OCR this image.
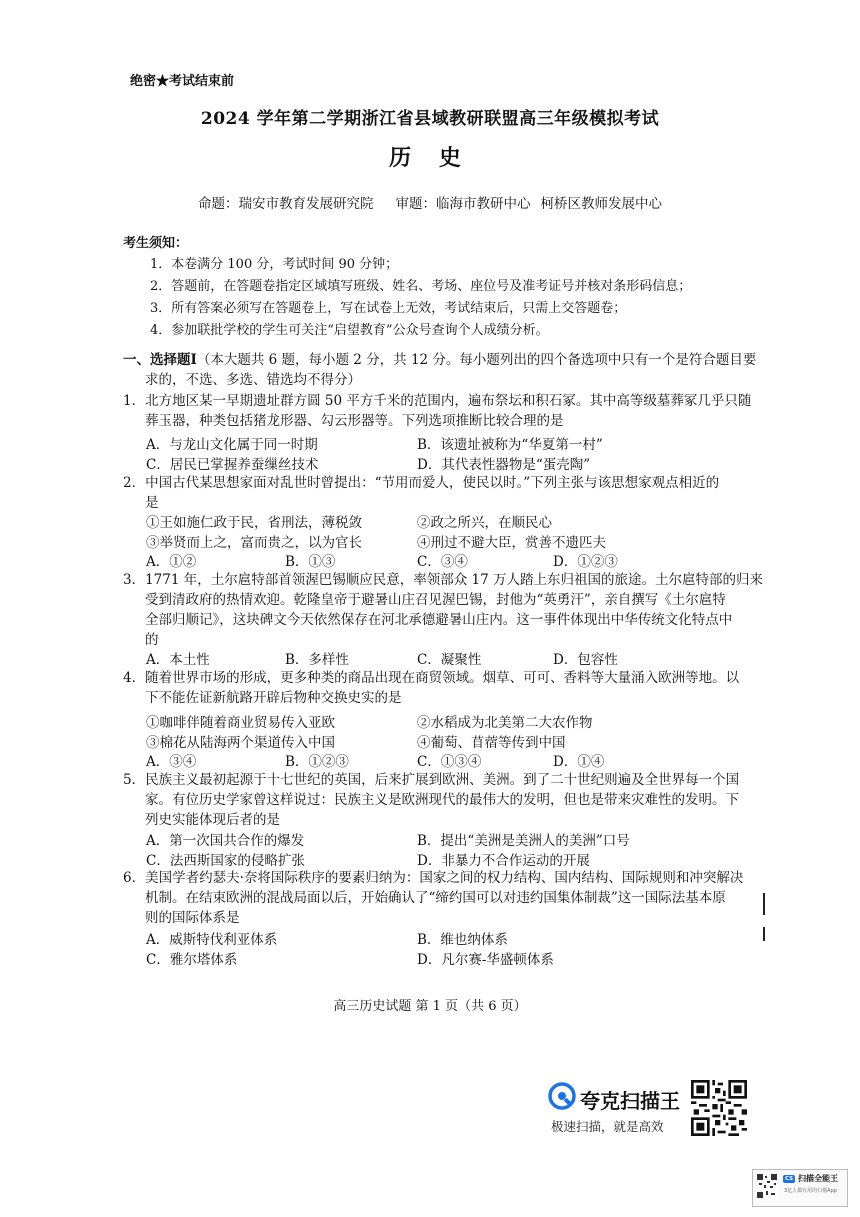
绝密★考试结束前
2024 学年第二学期浙江省县域教研联盟高三年级模拟考试
历 史
命题：瑞安市教育发展研究院 审题：临海市教研中心 柯桥区教师发展中心
考生须知：
1．本卷满分 100 分，考试时间 90 分钟；
2．答题前，在答题卷指定区域填写班级、姓名、考场、座位号及准考证号并核对条形码信息；
3．所有答案必须写在答题卷上，写在试卷上无效，考试结束后，只需上交答题卷；
4．参加联批学校的学生可关注“启望教育”公众号查询个人成绩分析。
一、选择题Ⅰ（本大题共 6 题，每小题 2 分，共 12 分。每小题列出的四个备选项中只有一个是符合题目要
求的，不选、多选、错选均不得分）
1．北方地区某一早期遗址群方圆 50 平方千米的范围内，遍布祭坛和积石冢。其中高等级墓葬冢几乎只随
葬玉器，种类包括猪龙形器、勾云形器等。下列选项推断比较合理的是
A．与龙山文化属于同一时期	B．该遗址被称为“华夏第一村”
C．居民已掌握养蚕缫丝技术	D．其代表性器物是“蛋壳陶”
2．中国古代某思想家面对乱世时曾提出：“节用而爱人，使民以时。”下列主张与该思想家观点相近的
是
①王如施仁政于民，省刑法，薄税敛	②政之所兴，在顺民心
③举贤而上之，富而贵之，以为官长	④刑过不避大臣，赏善不遗匹夫
A．①②	B．①③	C．③④	D．①②③
3．1771 年，土尔扈特部首领渥巴锡顺应民意，率领部众 17 万人踏上东归祖国的旅途。土尔扈特部的归来
受到清政府的热情欢迎。乾隆皇帝于避暑山庄召见渥巴锡，封他为“英勇汗”，亲自撰写《土尔扈特
全部归顺记》，这块碑文今天依然保存在河北承德避暑山庄内。这一事件体现出中华传统文化特点中
的
A．本土性	B．多样性	C．凝聚性	D．包容性
4．随着世界市场的形成，更多种类的商品出现在商贸领域。烟草、可可、香料等大量涌入欧洲等地。以
下不能佐证新航路开辟后物种交换史实的是
①咖啡伴随着商业贸易传入亚欧	②水稻成为北美第二大农作物
③棉花从陆海两个渠道传入中国	④葡萄、苜蓿等传到中国
A．③④	B．①②③	C．①③④	D．①④
5．民族主义最初起源于十七世纪的英国，后来扩展到欧洲、美洲。到了二十世纪则遍及全世界每一个国
家。有位历史学家曾这样说过：民族主义是欧洲现代的最伟大的发明，但也是带来灾难性的发明。下
列史实能体现后者的是
A．第一次国共合作的爆发	B．提出“美洲是美洲人的美洲”口号
C．法西斯国家的侵略扩张	D．非暴力不合作运动的开展
6．美国学者约瑟夫·奈将国际秩序的要素归纳为：国家之间的权力结构、国内结构、国际规则和冲突解决
机制。在结束欧洲的混战局面以后，开始确认了“缔约国可以对违约国集体制裁”这一国际法基本原
则的国际体系是
A．威斯特伐利亚体系	B．维也纳体系
C．雅尔塔体系	D．凡尔赛-华盛顿体系
高三历史试题 第 1 页（共 6 页）
夸克扫描王
极速扫描，就是高效
CS 扫描全能王
3亿人都在用的扫描App
